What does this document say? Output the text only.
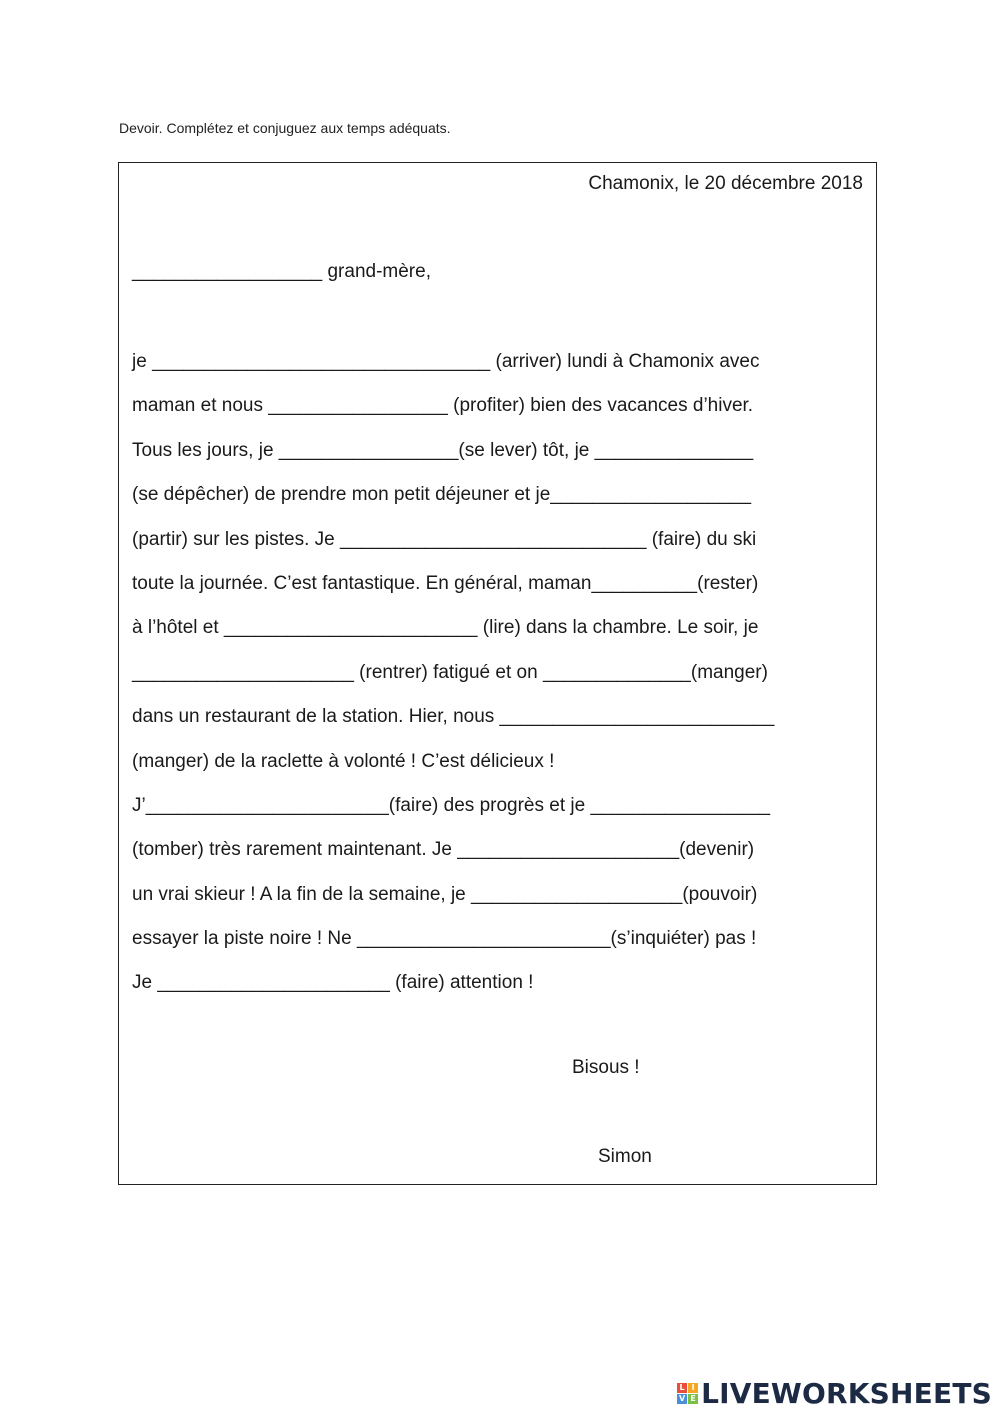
Devoir. Complétez et conjuguez aux temps adéquats.
Chamonix, le 20 décembre 2018
__________________ grand-mère,
je ________________________________ (arriver) lundi à Chamonix avec
maman et nous _________________ (profiter) bien des vacances d’hiver.
Tous les jours, je _________________(se lever) tôt, je _______________
(se dépêcher) de prendre mon petit déjeuner et je___________________
(partir) sur les pistes. Je _____________________________ (faire) du ski
toute la journée. C’est fantastique. En général, maman__________(rester)
à l’hôtel et ________________________ (lire) dans la chambre. Le soir, je
_____________________ (rentrer) fatigué et on ______________(manger)
dans un restaurant de la station. Hier, nous __________________________
(manger) de la raclette à volonté ! C’est délicieux !
J’_______________________(faire) des progrès et je _________________
(tomber) très rarement maintenant. Je _____________________(devenir)
un vrai skieur ! A la fin de la semaine, je ____________________(pouvoir)
essayer la piste noire ! Ne ________________________(s’inquiéter) pas !
Je ______________________ (faire) attention !
Bisous !
Simon
L I
V E LIVEWORKSHEETS
